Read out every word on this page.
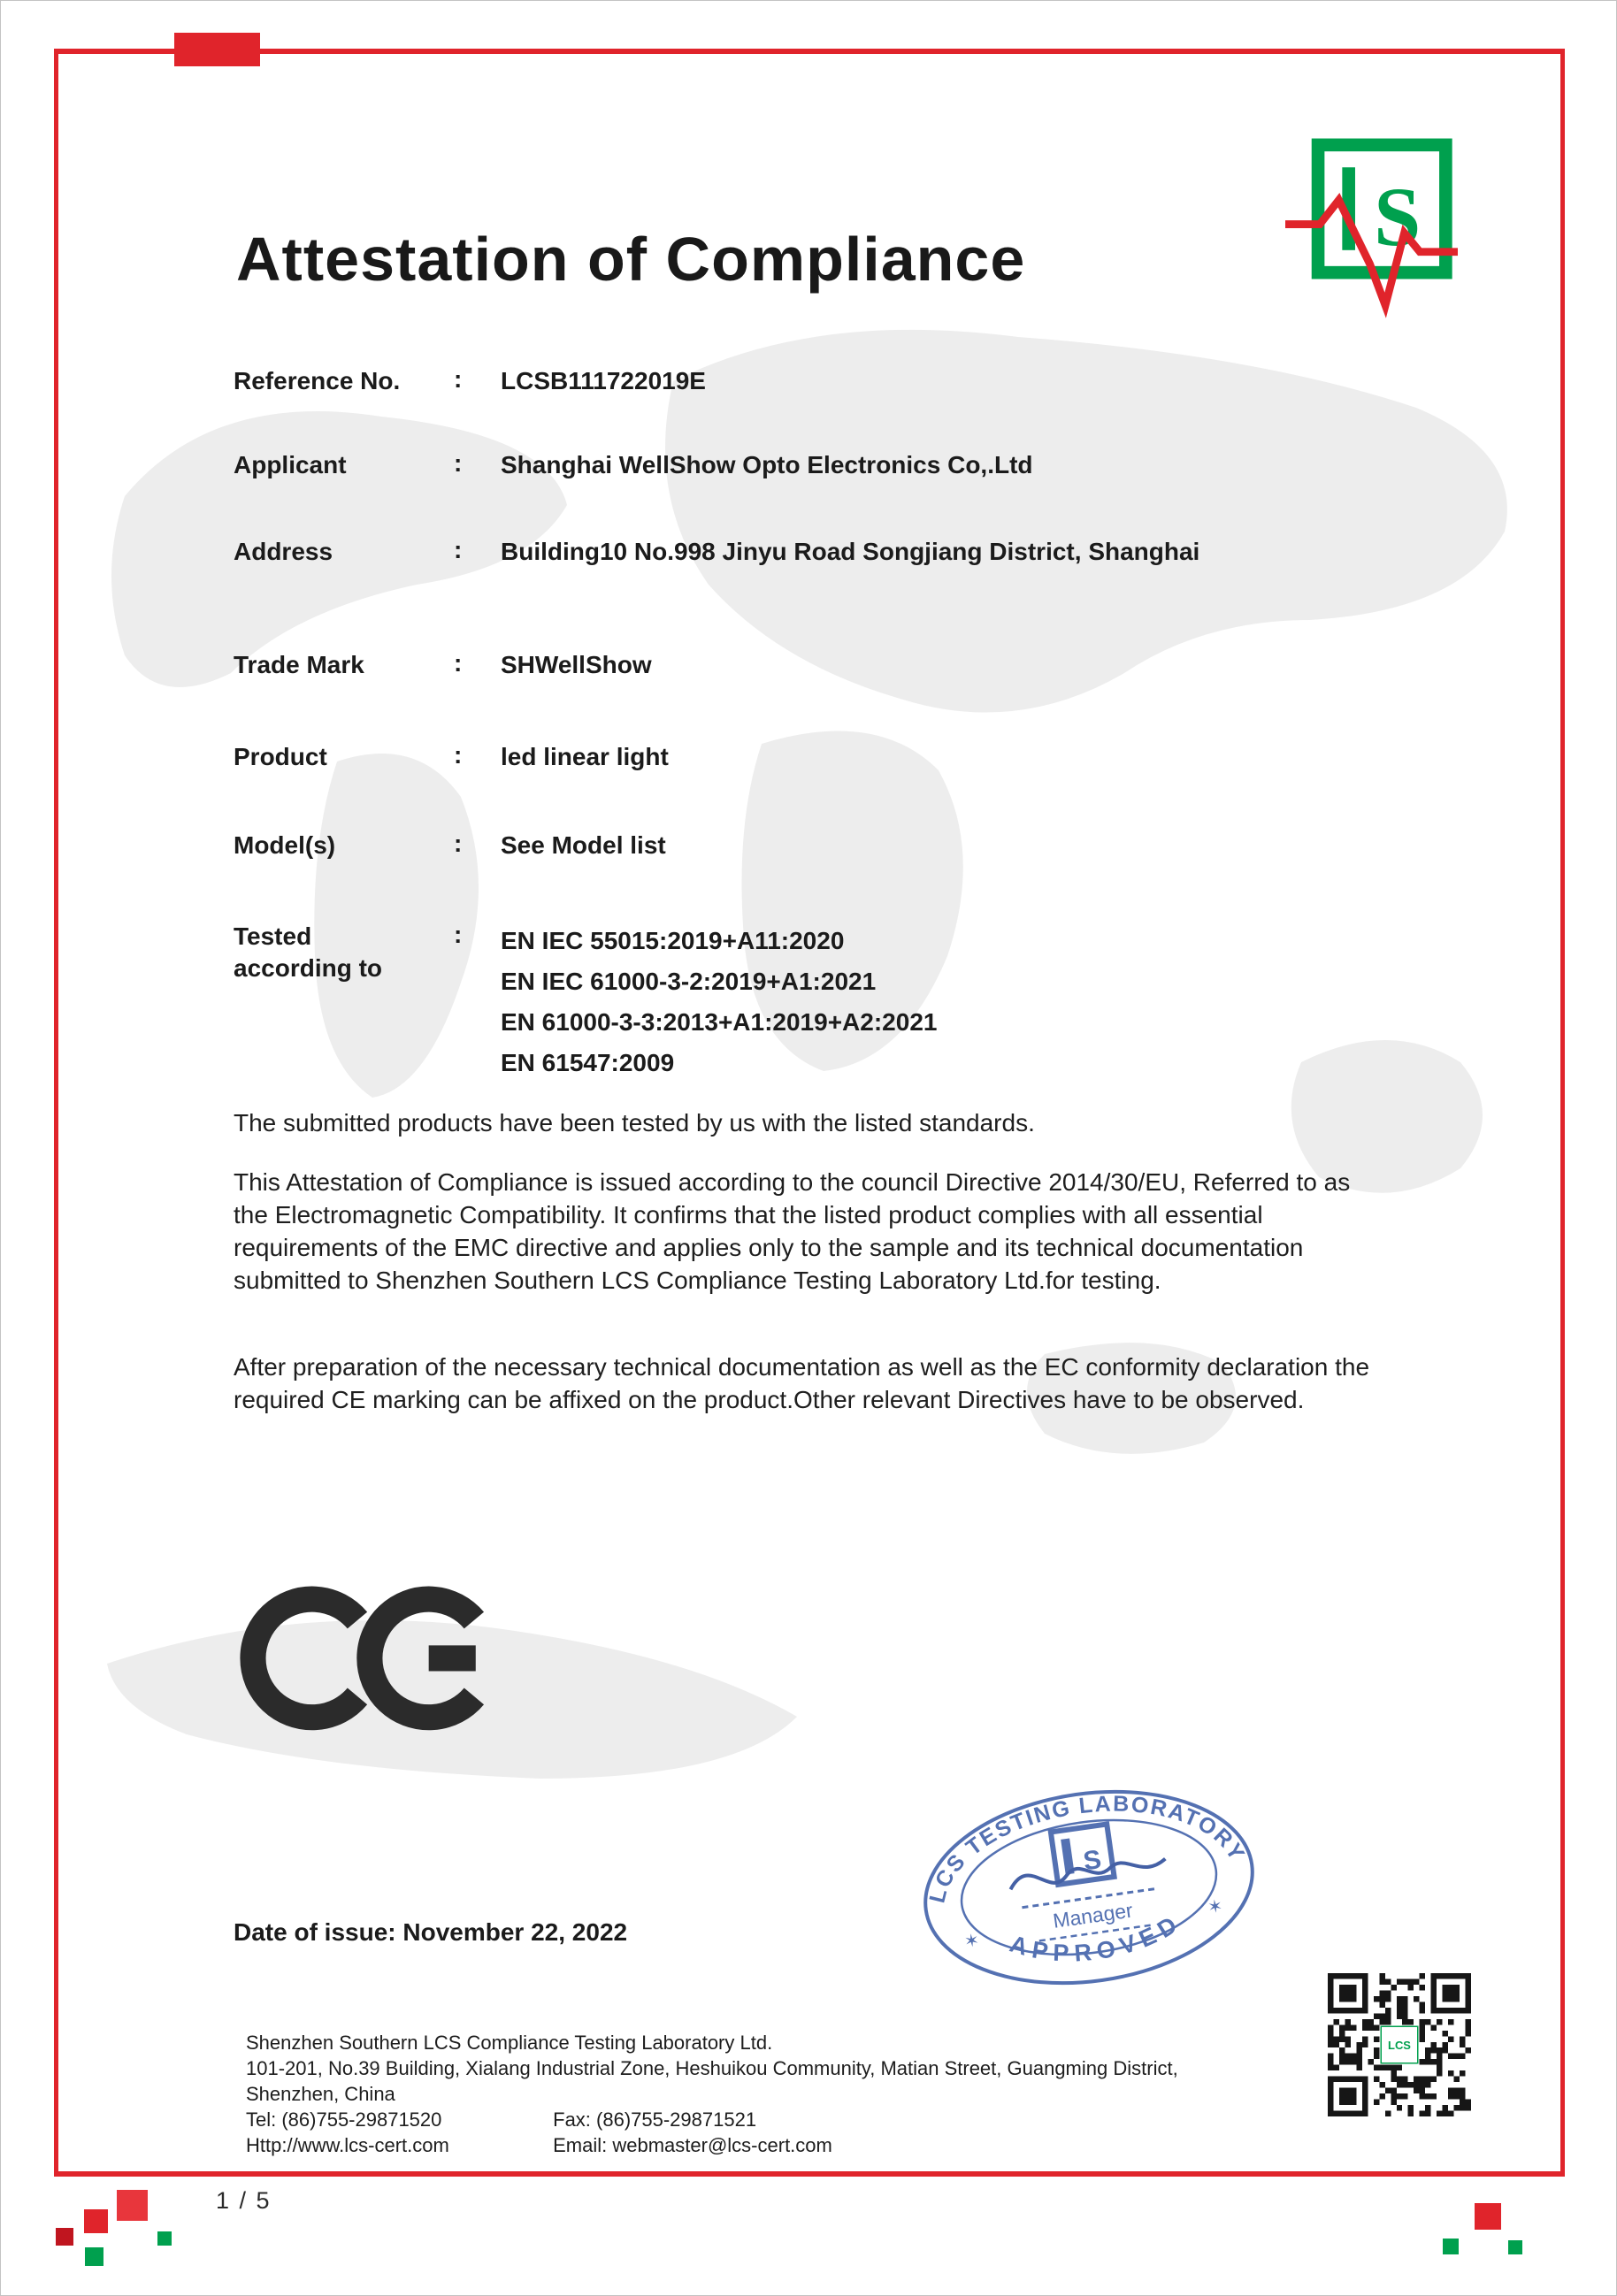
S
Attestation of Compliance
Reference No.	: LCSB111722019E
Applicant	: Shanghai WellShow Opto Electronics Co,.Ltd
Address	: Building10 No.998 Jinyu Road Songjiang District, Shanghai
Trade Mark	: SHWellShow
Product	: led linear light
Model(s)	: See Model list
Tested according to
: EN IEC 55015:2019+A11:2020
EN IEC 61000-3-2:2019+A1:2021
EN 61000-3-3:2013+A1:2019+A2:2021
EN 61547:2009
The submitted products have been tested by us with the listed standards.
This Attestation of Compliance is issued according to the council Directive 2014/30/EU, Referred to as the Electromagnetic Compatibility. It confirms that the listed product complies with all essential requirements of the EMC directive and applies only to the sample and its technical documentation submitted to Shenzhen Southern LCS Compliance Testing Laboratory Ltd.for testing.
After preparation of the necessary technical documentation as well as the EC conformity declaration the required CE marking can be affixed on the product.Other relevant Directives have to be observed.
LCS TESTING LABORATORY
APPROVED
✶
✶
Manager
S
Date of issue: November 22, 2022
LCS
Shenzhen Southern LCS Compliance Testing Laboratory Ltd.
101-201, No.39 Building, Xialang Industrial Zone, Heshuikou Community, Matian Street, Guangming District,
Shenzhen, China
Tel: (86)755-29871520	Fax: (86)755-29871521
Http://www.lcs-cert.com	Email: webmaster@lcs-cert.com
1 / 5
